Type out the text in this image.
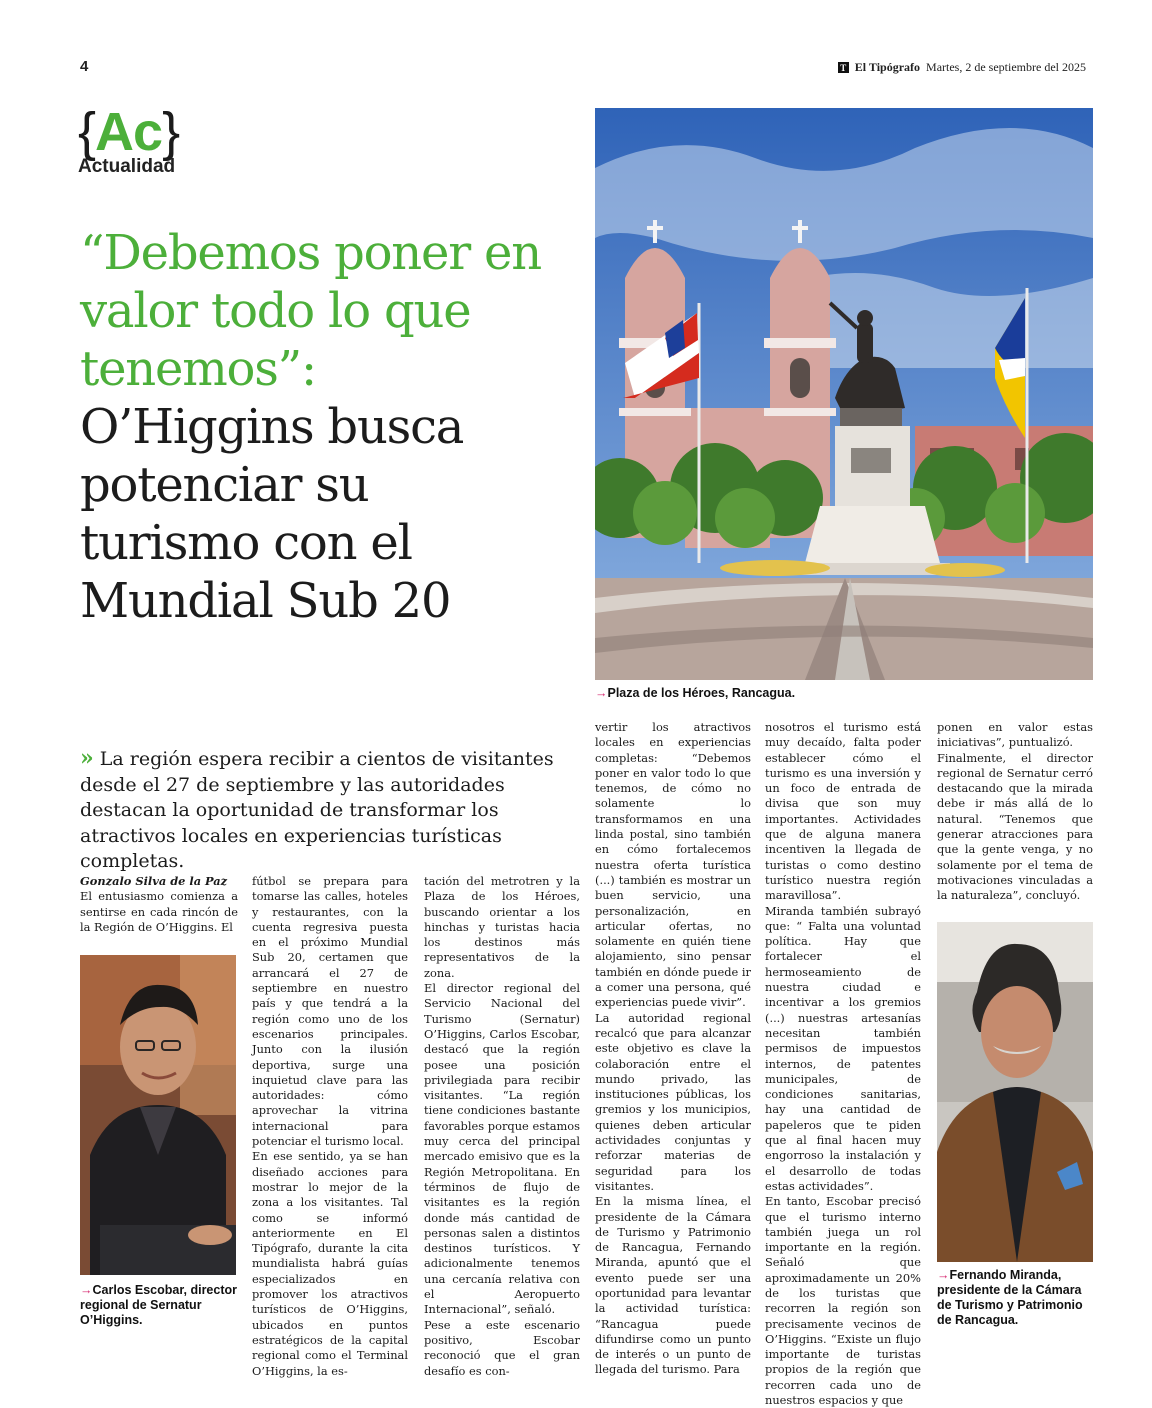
4	T El Tipógrafo Martes, 2 de septiembre del 2025
{Ac}
Actualidad
“Debemos poner en valor todo lo que tenemos”:
O’Higgins busca potenciar su turismo con el Mundial Sub 20
→Plaza de los Héroes, Rancagua.
» La región espera recibir a cientos de visitantes desde el 27 de septiembre y las autoridades destacan la oportunidad de transformar los atractivos locales en experiencias turísticas completas.

Gonzalo Silva de la Paz

El entusiasmo comienza a sentirse en cada rincón de la Región de O’Higgins. El

→Carlos Escobar, director regional de Sernatur O’Higgins.

fútbol se prepara para tomarse las calles, hoteles y restaurantes, con la cuenta regresiva puesta en el próximo Mundial Sub 20, certamen que arrancará el 27 de septiembre en nuestro país y que tendrá a la región como uno de los escenarios principales. Junto con la ilusión deportiva, surge una inquietud clave para las autoridades: cómo aprovechar la vitrina internacional para potenciar el turismo local.

En ese sentido, ya se han diseñado acciones para mostrar lo mejor de la zona a los visitantes. Tal como se informó anteriormente en El Tipógrafo, durante la cita mundialista habrá guías especializados en promover los atractivos turísticos de O’Higgins, ubicados en puntos estratégicos de la capital regional como el Terminal O’Higgins, la es-

tación del metrotren y la Plaza de los Héroes, buscando orientar a los hinchas y turistas hacia los destinos más representativos de la zona.

El director regional del Servicio Nacional del Turismo (Sernatur) O’Higgins, Carlos Escobar, destacó que la región posee una posición privilegiada para recibir visitantes. “La región tiene condiciones bastante favorables porque estamos muy cerca del principal mercado emisivo que es la Región Metropolitana. En términos de flujo de visitantes es la región donde más cantidad de personas salen a distintos destinos turísticos. Y adicionalmente tenemos una cercanía relativa con el Aeropuerto Internacional”, señaló.

Pese a este escenario positivo, Escobar reconoció que el gran desafío es con-

vertir los atractivos locales en experiencias completas: “Debemos poner en valor todo lo que tenemos, de cómo no solamente lo transformamos en una linda postal, sino también en cómo fortalecemos nuestra oferta turística (...) también es mostrar un buen servicio, una personalización, en articular ofertas, no solamente en quién tiene alojamiento, sino pensar también en dónde puede ir a comer una persona, qué experiencias puede vivir”.

La autoridad regional recalcó que para alcanzar este objetivo es clave la colaboración entre el mundo privado, las instituciones públicas, los gremios y los municipios, quienes deben articular actividades conjuntas y reforzar materias de seguridad para los visitantes.

En la misma línea, el presidente de la Cámara de Turismo y Patrimonio de Rancagua, Fernando Miranda, apuntó que el evento puede ser una oportunidad para levantar la actividad turística: “Rancagua puede difundirse como un punto de interés o un punto de llegada del turismo. Para

nosotros el turismo está muy decaído, falta poder establecer cómo el turismo es una inversión y un foco de entrada de divisa que son muy importantes. Actividades que de alguna manera incentiven la llegada de turistas o como destino turístico nuestra región maravillosa”.

Miranda también subrayó que: “ Falta una voluntad política. Hay que fortalecer el hermoseamiento de nuestra ciudad e incentivar a los gremios (...) nuestras artesanías necesitan también permisos de impuestos internos, de patentes municipales, de condiciones sanitarias, hay una cantidad de papeleros que te piden que al final hacen muy engorroso la instalación y el desarrollo de todas estas actividades”.

En tanto, Escobar precisó que el turismo interno también juega un rol importante en la región. Señaló que aproximadamente un 20% de los turistas que recorren la región son precisamente vecinos de O’Higgins. “Existe un flujo importante de turistas propios de la región que recorren cada uno de nuestros espacios y que

ponen en valor estas iniciativas”, puntualizó.

Finalmente, el director regional de Sernatur cerró destacando que la mirada debe ir más allá de lo natural. “Tenemos que generar atracciones para que la gente venga, y no solamente por el tema de motivaciones vinculadas a la naturaleza”, concluyó.

→Fernando Miranda, presidente de la Cámara de Turismo y Patrimonio de Rancagua.
